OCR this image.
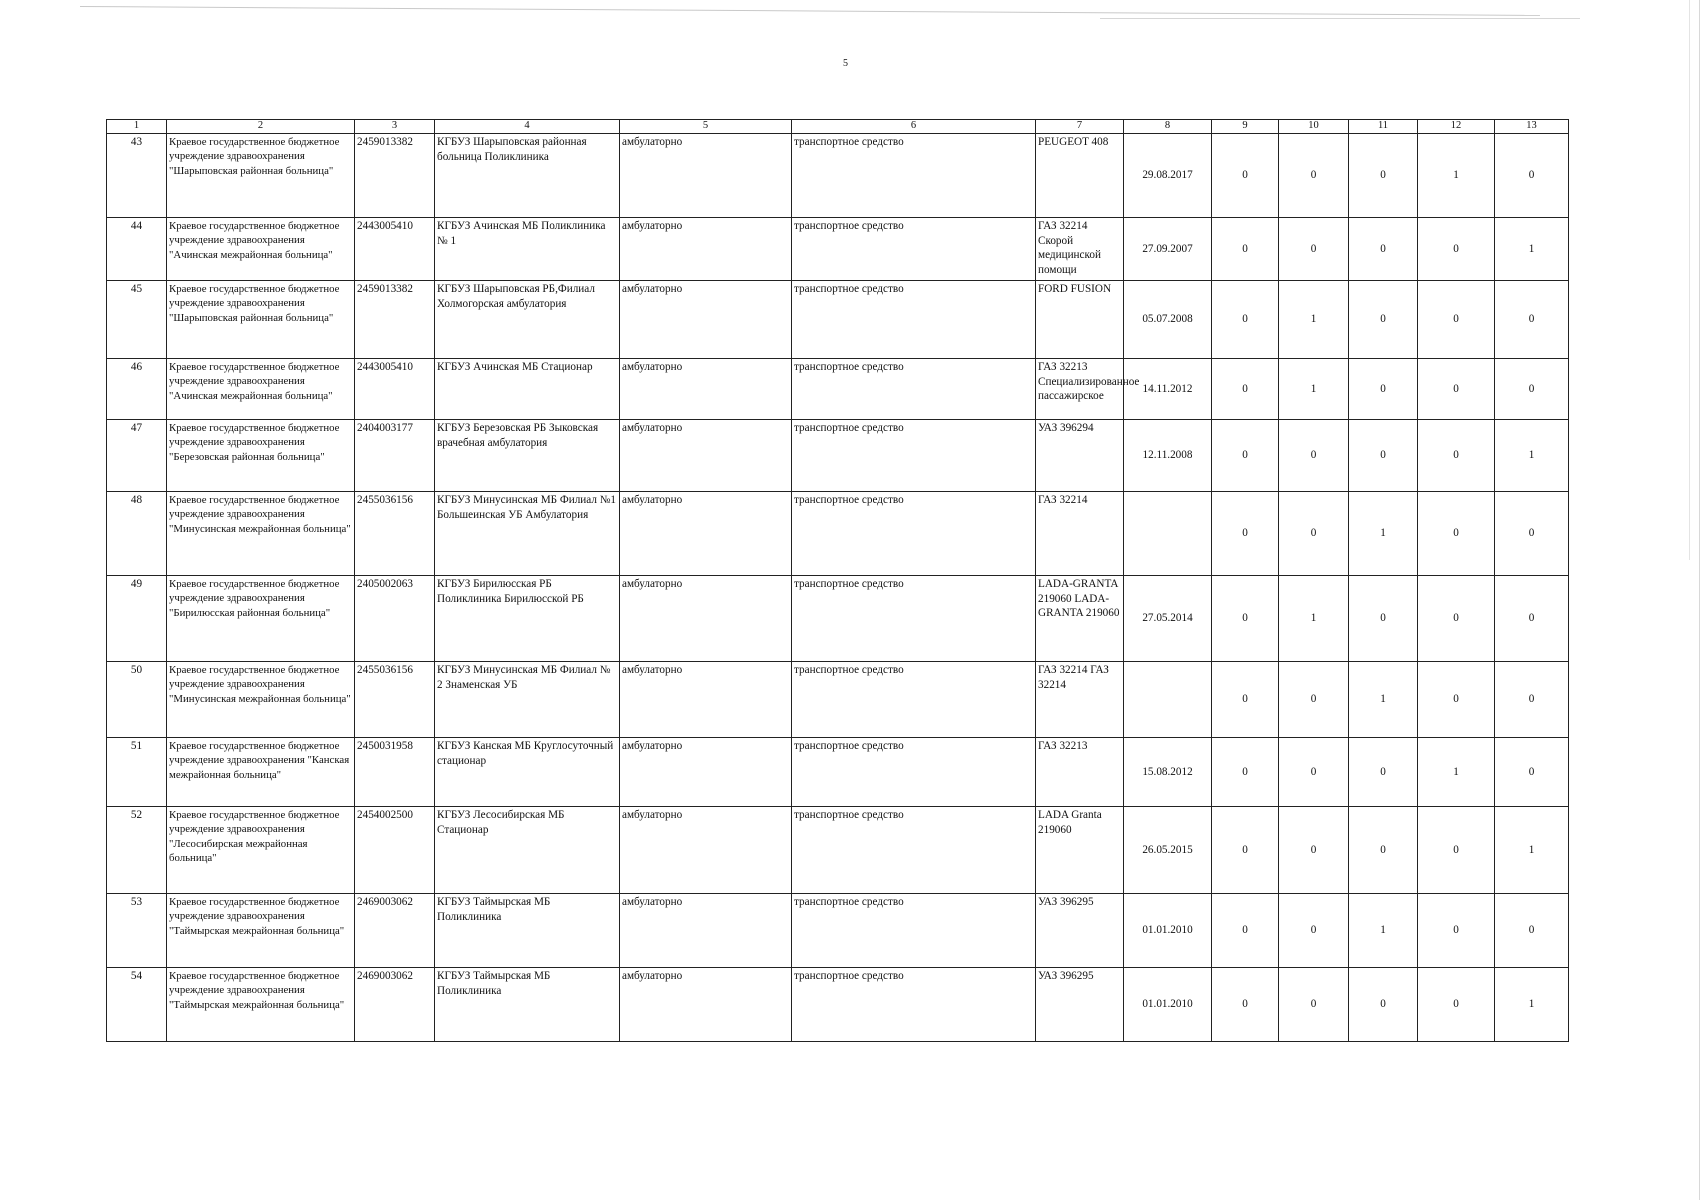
5
1	2	3	4	5	6	7	8	9	10	11	12	13
43	Краевое государственное бюджетное учреждение здравоохранения "Шарыповская районная больница"	2459013382	КГБУЗ Шарыповская районная больница Поликлиника	амбулаторно	транспортное средство	PEUGEOT 408	29.08.2017	0	0	0	1	0
44	Краевое государственное бюджетное учреждение здравоохранения "Ачинская межрайонная больница"	2443005410	КГБУЗ Ачинская МБ Поликлиника № 1	амбулаторно	транспортное средство	ГАЗ 32214 Скорой медицинской помощи	27.09.2007	0	0	0	0	1
45	Краевое государственное бюджетное учреждение здравоохранения "Шарыповская районная больница"	2459013382	КГБУЗ Шарыповская РБ,Филиал Холмогорская амбулатория	амбулаторно	транспортное средство	FORD FUSION	05.07.2008	0	1	0	0	0
46	Краевое государственное бюджетное учреждение здравоохранения "Ачинская межрайонная больница"	2443005410	КГБУЗ Ачинская МБ Стационар	амбулаторно	транспортное средство	ГАЗ 32213 Специализированное пассажирское	14.11.2012	0	1	0	0	0
47	Краевое государственное бюджетное учреждение здравоохранения "Березовская районная больница"	2404003177	КГБУЗ Березовская РБ Зыковская врачебная амбулатория	амбулаторно	транспортное средство	УАЗ 396294	12.11.2008	0	0	0	0	1
48	Краевое государственное бюджетное учреждение здравоохранения "Минусинская межрайонная больница"	2455036156	КГБУЗ Минусинская МБ Филиал №1 Большеинская УБ Амбулатория	амбулаторно	транспортное средство	ГАЗ 32214		0	0	1	0	0
49	Краевое государственное бюджетное учреждение здравоохранения "Бирилюсская районная больница"	2405002063	КГБУЗ Бирилюсская РБ Поликлиника Бирилюсской РБ	амбулаторно	транспортное средство	LADA-GRANTA 219060 LADA-GRANTA 219060	27.05.2014	0	1	0	0	0
50	Краевое государственное бюджетное учреждение здравоохранения "Минусинская межрайонная больница"	2455036156	КГБУЗ Минусинская МБ Филиал № 2 Знаменская УБ	амбулаторно	транспортное средство	ГАЗ 32214 ГАЗ 32214		0	0	1	0	0
51	Краевое государственное бюджетное учреждение здравоохранения "Канская межрайонная больница"	2450031958	КГБУЗ Канская МБ Круглосуточный стационар	амбулаторно	транспортное средство	ГАЗ 32213	15.08.2012	0	0	0	1	0
52	Краевое государственное бюджетное учреждение здравоохранения "Лесосибирская межрайонная больница"	2454002500	КГБУЗ Лесосибирская МБ Стационар	амбулаторно	транспортное средство	LADA Granta 219060	26.05.2015	0	0	0	0	1
53	Краевое государственное бюджетное учреждение здравоохранения "Таймырская межрайонная больница"	2469003062	КГБУЗ Таймырская МБ Поликлиника	амбулаторно	транспортное средство	УАЗ 396295	01.01.2010	0	0	1	0	0
54	Краевое государственное бюджетное учреждение здравоохранения "Таймырская межрайонная больница"	2469003062	КГБУЗ Таймырская МБ Поликлиника	амбулаторно	транспортное средство	УАЗ 396295	01.01.2010	0	0	0	0	1
